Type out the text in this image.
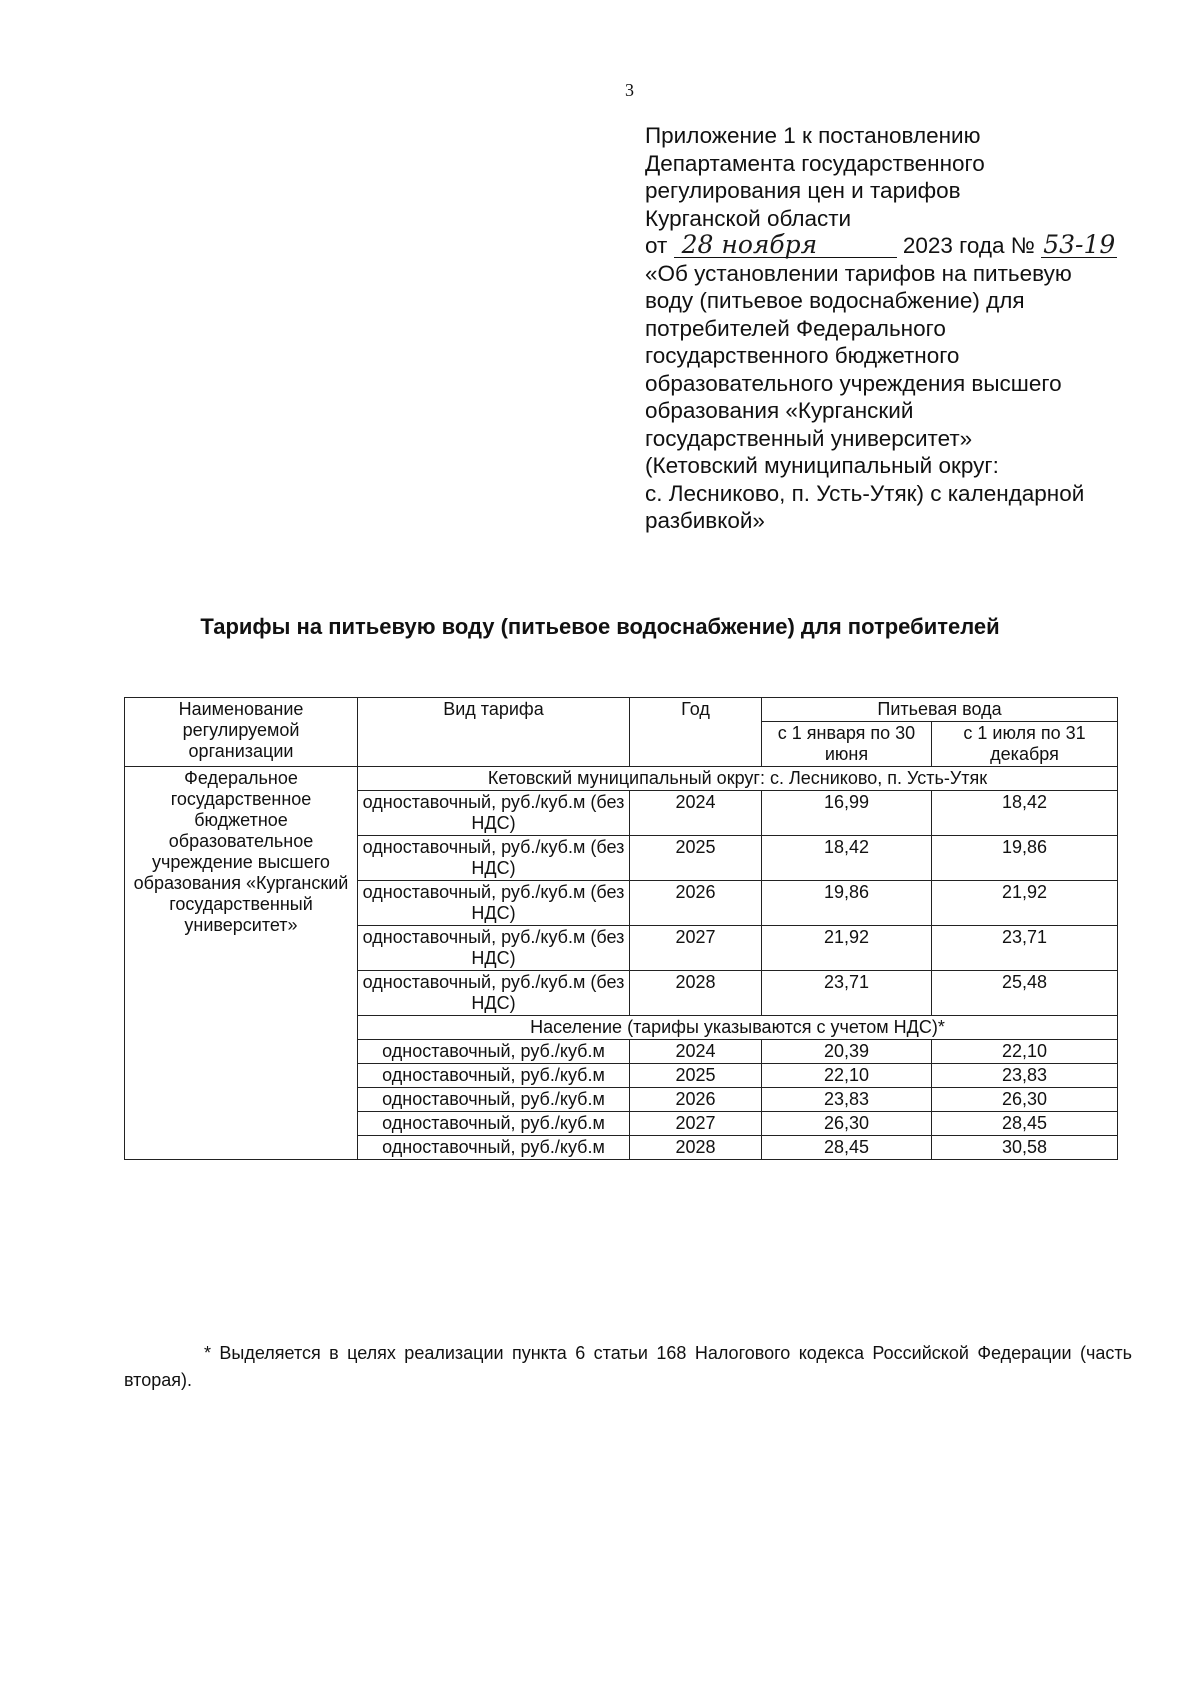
3
Приложение 1 к постановлению
Департамента государственного
регулирования цен и тарифов
Курганской области
от 28 ноября	2023 года № 53-19
«Об установлении тарифов на питьевую
воду (питьевое водоснабжение) для
потребителей Федерального
государственного бюджетного
образовательного учреждения высшего
образования «Курганский
государственный университет»
(Кетовский муниципальный округ:
с. Лесниково, п. Усть-Утяк) с календарной
разбивкой»
Тарифы на питьевую воду (питьевое водоснабжение) для потребителей
Наименование регулируемой организации	Вид тарифа	Год	Питьевая вода	
			с 1 января по 30 июня	с 1 июля по 31 декабря
Федеральное государственное бюджетное образовательное учреждение высшего образования «Курганский государственный университет»	Кетовский муниципальный округ: с. Лесниково, п. Усть-Утяк			
	одноставочный, руб./куб.м (без НДС)	2024	16,99	18,42
	одноставочный, руб./куб.м (без НДС)	2025	18,42	19,86
	одноставочный, руб./куб.м (без НДС)	2026	19,86	21,92
	одноставочный, руб./куб.м (без НДС)	2027	21,92	23,71
	одноставочный, руб./куб.м (без НДС)	2028	23,71	25,48
	Население (тарифы указываются с учетом НДС)*			
	одноставочный, руб./куб.м	2024	20,39	22,10
	одноставочный, руб./куб.м	2025	22,10	23,83
	одноставочный, руб./куб.м	2026	23,83	26,30
	одноставочный, руб./куб.м	2027	26,30	28,45
	одноставочный, руб./куб.м	2028	28,45	30,58
* Выделяется в целях реализации пункта 6 статьи 168 Налогового кодекса Российской Федерации (часть вторая).
